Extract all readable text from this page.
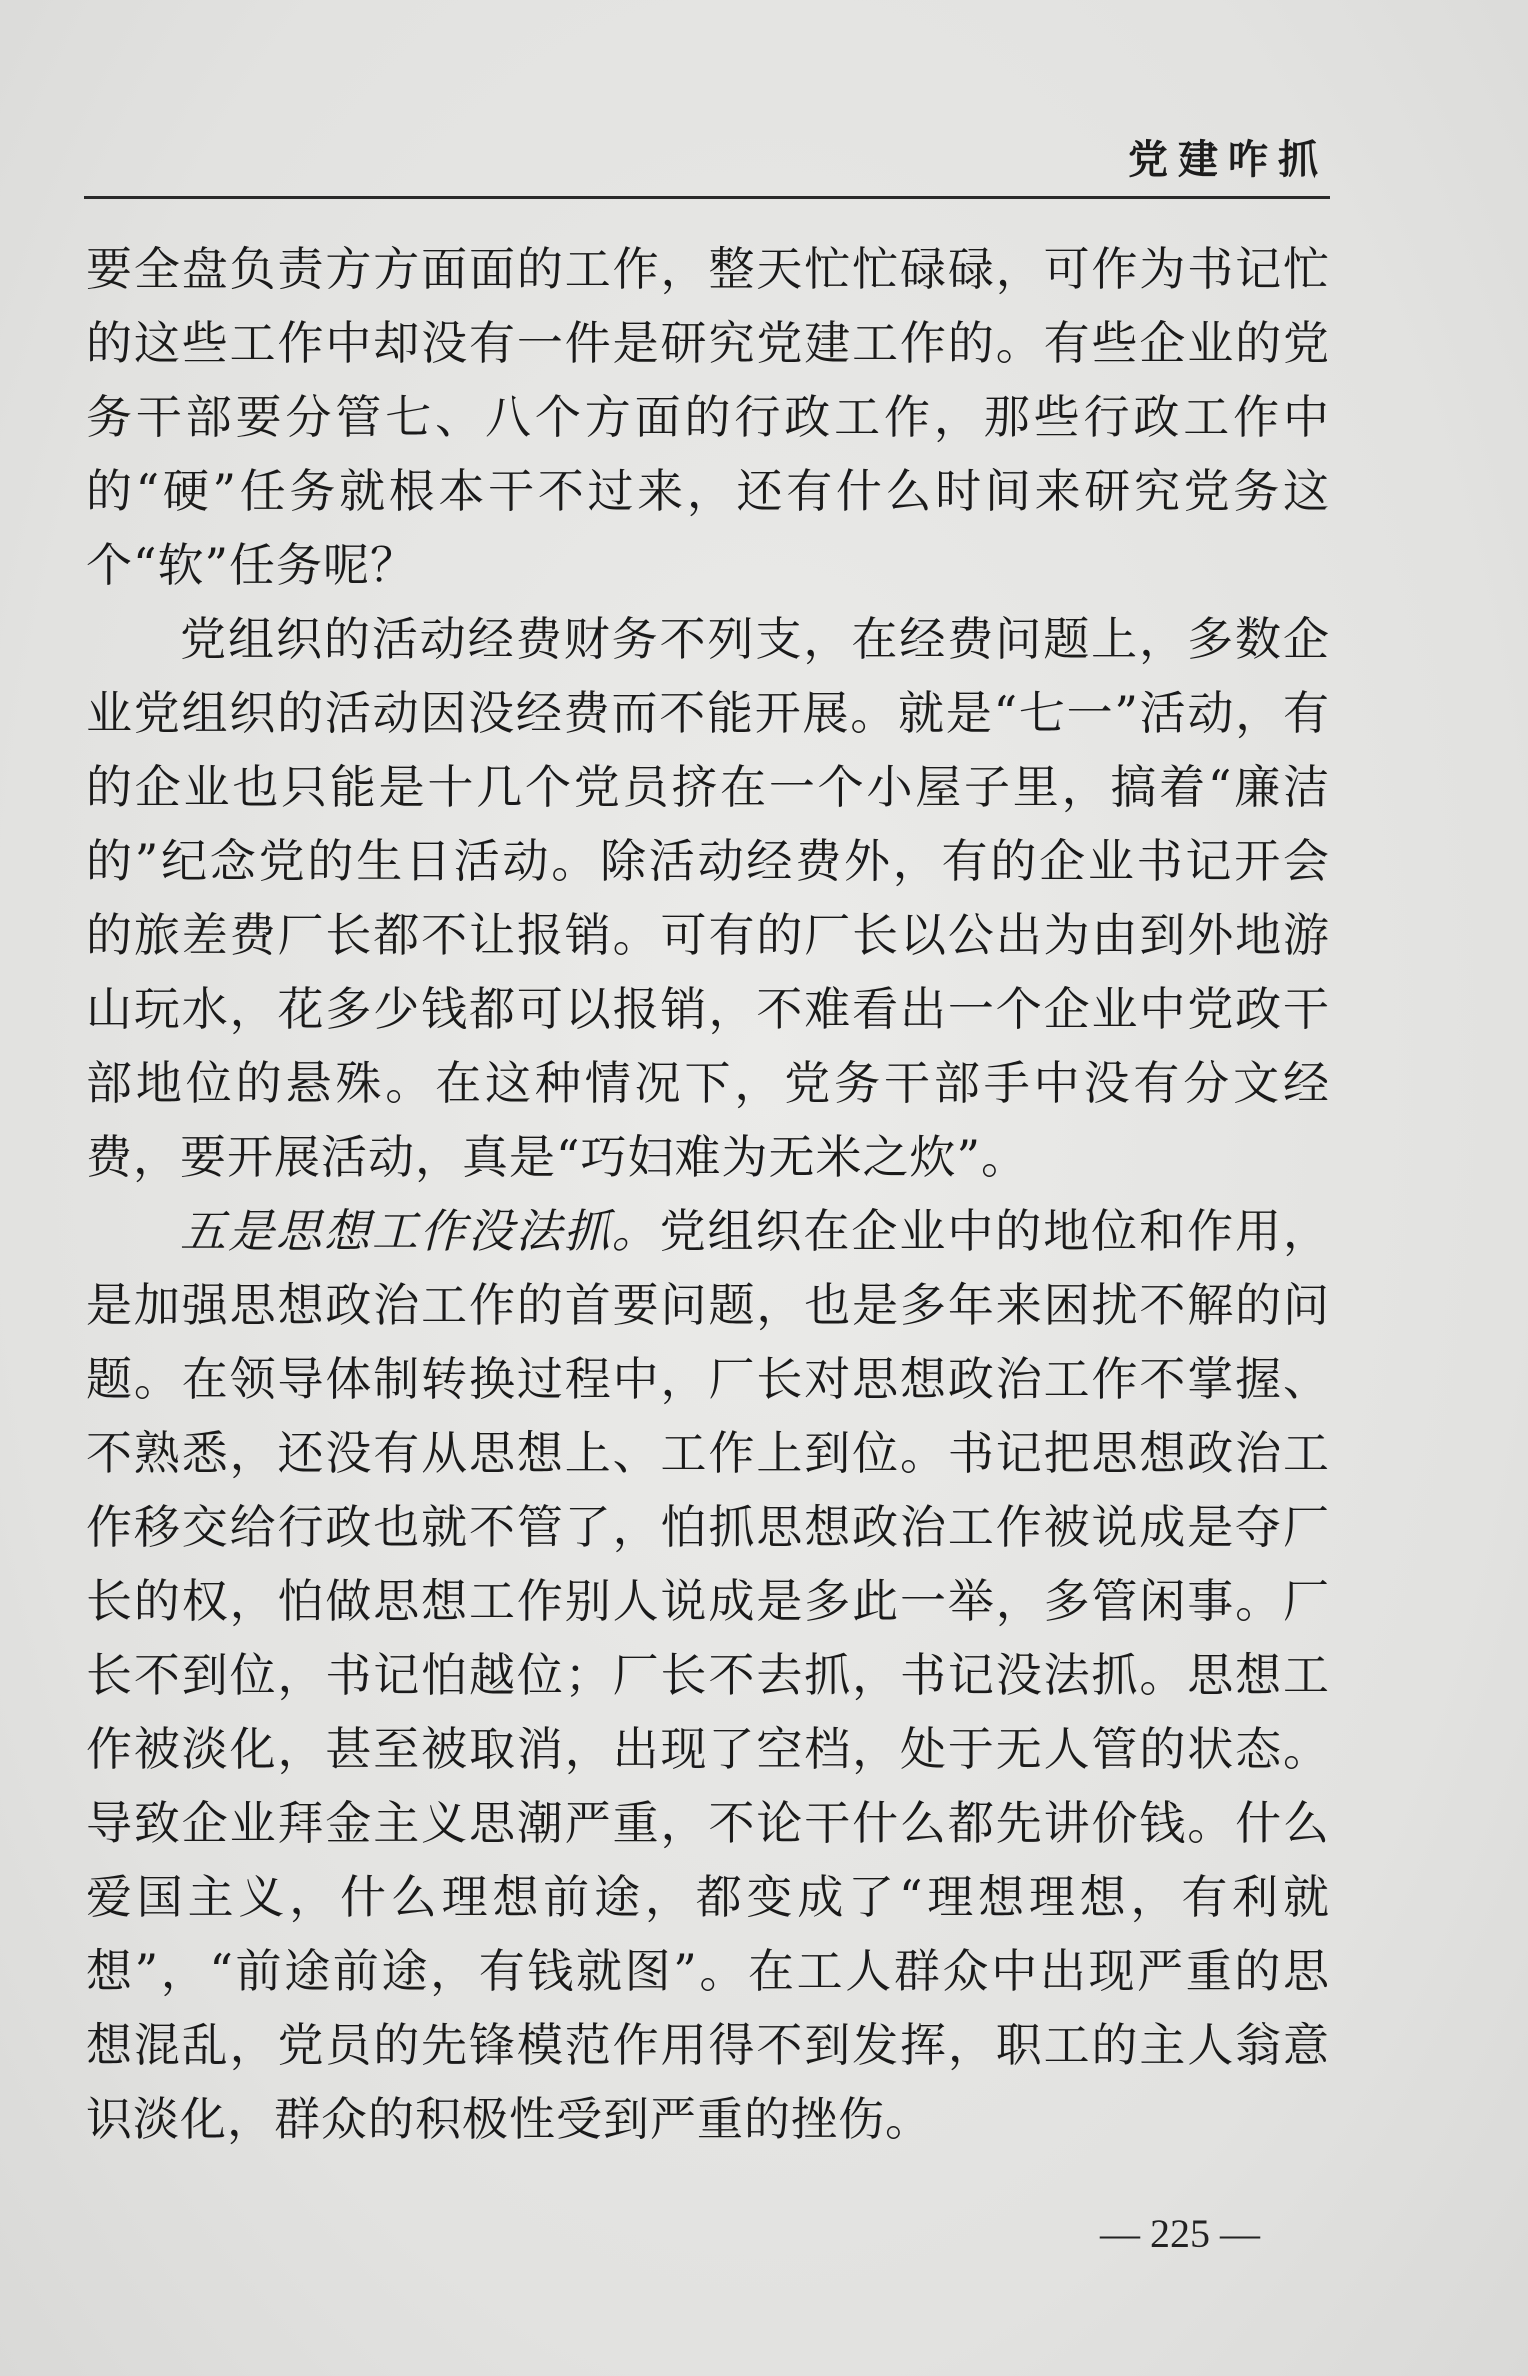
党建咋抓

要全盘负责方方面面的工作，整天忙忙碌碌，可作为书记忙的这些工作中却没有一件是研究党建工作的。有些企业的党务干部要分管七、八个方面的行政工作，那些行政工作中的“硬”任务就根本干不过来，还有什么时间来研究党务这个“软”任务呢？

党组织的活动经费财务不列支，在经费问题上，多数企业党组织的活动因没经费而不能开展。就是“七一”活动，有的企业也只能是十几个党员挤在一个小屋子里，搞着“廉洁的”纪念党的生日活动。除活动经费外，有的企业书记开会的旅差费厂长都不让报销。可有的厂长以公出为由到外地游山玩水，花多少钱都可以报销，不难看出一个企业中党政干部地位的悬殊。在这种情况下，党务干部手中没有分文经费，要开展活动，真是“巧妇难为无米之炊”。

五是思想工作没法抓。党组织在企业中的地位和作用，是加强思想政治工作的首要问题，也是多年来困扰不解的问题。在领导体制转换过程中，厂长对思想政治工作不掌握、不熟悉，还没有从思想上、工作上到位。书记把思想政治工作移交给行政也就不管了，怕抓思想政治工作被说成是夺厂长的权，怕做思想工作别人说成是多此一举，多管闲事。厂长不到位，书记怕越位；厂长不去抓，书记没法抓。思想工作被淡化，甚至被取消，出现了空档，处于无人管的状态。导致企业拜金主义思潮严重，不论干什么都先讲价钱。什么爱国主义，什么理想前途，都变成了“理想理想，有利就想”，“前途前途，有钱就图”。在工人群众中出现严重的思想混乱，党员的先锋模范作用得不到发挥，职工的主人翁意识淡化，群众的积极性受到严重的挫伤。

— 225 —
